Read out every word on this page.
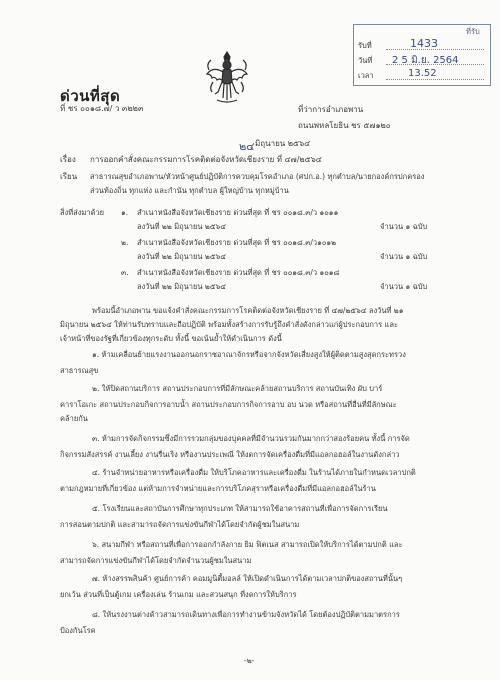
ที่รับ
รับที่	1433
วันที่ 2 5 มิ.ย. 2564
เวลา	13.52
ด่วนที่สุด
ที่ ชร ๐๐๑๘.๗/ ว ๓๒๒๓	ที่ว่าการอำเภอพาน
ถนนพหลโยธิน ชร ๕๗๑๒๐
๒๔ มิถุนายน ๒๕๖๔
เรื่อง การออกคำสั่งคณะกรรมการโรคติดต่อจังหวัดเชียงราย ที่ ๔๗/๒๕๖๔
เรียน สาธารณสุขอำเภอพาน/หัวหน้าศูนย์ปฏิบัติการควบคุมโรคอำเภอ (ศปก.อ.) ทุกตำบล/นายกองค์กรปกครอง
ส่วนท้องถิ่น ทุกแห่ง และกำนัน ทุกตำบล ผู้ใหญ่บ้าน ทุกหมู่บ้าน
สิ่งที่ส่งมาด้วย ๑. สำเนาหนังสือจังหวัดเชียงราย ด่วนที่สุด ที่ ชร ๐๐๑๘.๓/ว ๑๐๑๑
ลงวันที่ ๒๒ มิถุนายน ๒๕๖๔	จำนวน ๑ ฉบับ
๒. สำเนาหนังสือจังหวัดเชียงราย ด่วนที่สุด ที่ ชร ๐๐๑๘.๓/ว๑๐๑๒
ลงวันที่ ๒๒ มิถุนายน ๒๕๖๔	จำนวน ๑ ฉบับ
๓. สำเนาหนังสือจังหวัดเชียงราย ด่วนที่สุด ที่ ชร ๐๐๑๘.๓/ว ๑๐๑๘
ลงวันที่ ๒๒ มิถุนายน ๒๕๖๔	จำนวน ๑ ฉบับ
พร้อมนี้อำเภอพาน ขอแจ้งคำสั่งคณะกรรมการโรคติดต่อจังหวัดเชียงราย ที่ ๔๗/๒๕๖๔ ลงวันที่ ๒๑
มิถุนายน ๒๕๖๔ ให้ท่านรับทราบและถือปฏิบัติ พร้อมทั้งสร้างการรับรู้ถึงคำสั่งดังกล่าวแก่ผู้ประกอบการ และ
เจ้าหน้าที่ของรัฐที่เกี่ยวข้องทุกระดับ ทั้งนี้ ขอเน้นย้ำให้ดำเนินการ ดังนี้
๑. ห้ามเคลื่อนย้ายแรงงานออกนอกราชอาณาจักรหรือจากจังหวัดเสี่ยงสูงให้ผู้ติดตามสูงสุดกระทรวง
สาธารณสุข
๒. ให้ปิดสถานบริการ สถานประกอบการที่มีลักษณะคล้ายสถานบริการ สถานบันเทิง ผับ บาร์
คาราโอเกะ สถานประกอบกิจการอาบน้ำ สถานประกอบการกิจการอาบ อบ นวด หรือสถานที่อื่นที่มีลักษณะ
คล้ายกัน
๓. ห้ามการจัดกิจกรรมซึ่งมีการรวมกลุ่มของบุคคลที่มีจำนวนรวมกันมากกว่าสองร้อยคน ทั้งนี้ การจัด
กิจกรรมสังสรรค์ งานเลี้ยง งานรื่นเริง หรืองานประเพณี ให้งดการจัดเครื่องดื่มที่มีแอลกอฮอล์ในงานดังกล่าว
๔. ร้านจำหน่ายอาหารหรือเครื่องดื่ม ให้บริโภคอาหารและเครื่องดื่ม ในร้านได้ภายในกำหนดเวลาปกติ
ตามกฎหมายที่เกี่ยวข้อง แต่ห้ามการจำหน่ายและการบริโภคสุราหรือเครื่องดื่มที่มีแอลกอฮอล์ในร้าน
๕. โรงเรียนและสถาบันการศึกษาทุกประเภท ให้สามารถใช้อาคารสถานที่เพื่อการจัดการเรียน
การสอนตามปกติ และสามารถจัดการแข่งขันกีฬาได้โดยจำกัดผู้ชมในสนาม
๖. สนามกีฬา หรือสถานที่เพื่อการออกกำลังกาย ยิม ฟิตเนส สามารถเปิดให้บริการได้ตามปกติ และ
สามารถจัดการแข่งขันกีฬาได้โดยจำกัดจำนวนผู้ชมในสนาม
๗. ห้างสรรพสินค้า ศูนย์การค้า คอมมูนิตี้มอลล์ ให้เปิดดำเนินการได้ตามเวลาปกติของสถานที่นั้นๆ
ยกเว้น ส่วนที่เป็นตู้เกม เครื่องเล่น ร้านเกม และสวนสนุก ที่งดการให้บริการ
๘. ให้นรงงานต่างด้าวสามารถเดินทางเพื่อการทำงานข้ามจังหวัดได้ โดยต้องปฏิบัติตามมาตรการ
ป้องกันโรค
-๒-
